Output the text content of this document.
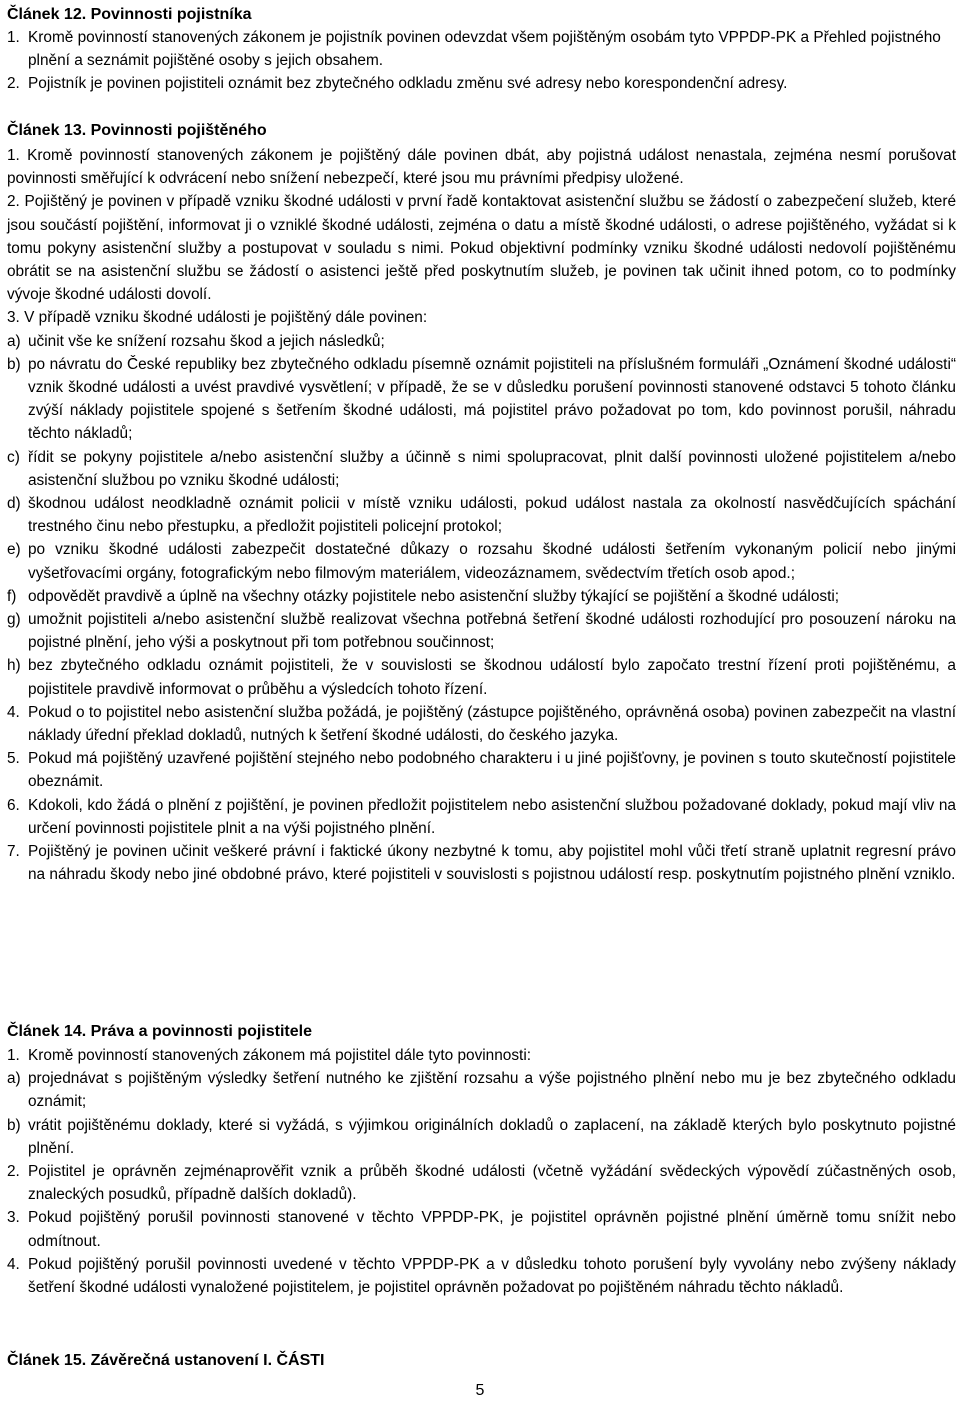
Článek 12. Povinnosti pojistníka

1. Kromě povinností stanovených zákonem je pojistník povinen odevzdat všem pojištěným osobám tyto VPPDP-PK a Přehled pojistného plnění a seznámit pojištěné osoby s jejich obsahem.

2. Pojistník je povinen pojistiteli oznámit bez zbytečného odkladu změnu své adresy nebo korespondenční adresy.

Článek 13. Povinnosti pojištěného

1. Kromě povinností stanovených zákonem je pojištěný dále povinen dbát, aby pojistná událost nenastala, zejména nesmí porušovat povinnosti směřující k odvrácení nebo snížení nebezpečí, které jsou mu právními předpisy uložené.

2. Pojištěný je povinen v případě vzniku škodné události v první řadě kontaktovat asistenční službu se žádostí o zabezpečení služeb, které jsou součástí pojištění, informovat ji o vzniklé škodné události, zejména o datu a místě škodné události, o adrese pojištěného, vyžádat si k tomu pokyny asistenční služby a postupovat v souladu s nimi. Pokud objektivní podmínky vzniku škodné události nedovolí pojištěnému obrátit se na asistenční službu se žádostí o asistenci ještě před poskytnutím služeb, je povinen tak učinit ihned potom, co to podmínky vývoje škodné události dovolí.

3. V případě vzniku škodné události je pojištěný dále povinen:

a) učinit vše ke snížení rozsahu škod a jejich následků;

b) po návratu do České republiky bez zbytečného odkladu písemně oznámit pojistiteli na příslušném formuláři „Oznámení škodné události“ vznik škodné události a uvést pravdivé vysvětlení; v případě, že se v důsledku porušení povinnosti stanovené odstavci 5 tohoto článku zvýší náklady pojistitele spojené s šetřením škodné události, má pojistitel právo požadovat po tom, kdo povinnost porušil, náhradu těchto nákladů;

c) řídit se pokyny pojistitele a/nebo asistenční služby a účinně s nimi spolupracovat, plnit další povinnosti uložené pojistitelem a/nebo asistenční službou po vzniku škodné události;

d) škodnou událost neodkladně oznámit policii v místě vzniku události, pokud událost nastala za okolností nasvědčujících spáchání trestného činu nebo přestupku, a předložit pojistiteli policejní protokol;

e) po vzniku škodné události zabezpečit dostatečné důkazy o rozsahu škodné události šetřením vykonaným policií nebo jinými vyšetřovacími orgány, fotografickým nebo filmovým materiálem, videozáznamem, svědectvím třetích osob apod.;

f) odpovědět pravdivě a úplně na všechny otázky pojistitele nebo asistenční služby týkající se pojištění a škodné události;

g) umožnit pojistiteli a/nebo asistenční službě realizovat všechna potřebná šetření škodné události rozhodující pro posouzení nároku na pojistné plnění, jeho výši a poskytnout při tom potřebnou součinnost;

h) bez zbytečného odkladu oznámit pojistiteli, že v souvislosti se škodnou událostí bylo započato trestní řízení proti pojištěnému, a pojistitele pravdivě informovat o průběhu a výsledcích tohoto řízení.

4. Pokud o to pojistitel nebo asistenční služba požádá, je pojištěný (zástupce pojištěného, oprávněná osoba) povinen zabezpečit na vlastní náklady úřední překlad dokladů, nutných k šetření škodné události, do českého jazyka.

5. Pokud má pojištěný uzavřené pojištění stejného nebo podobného charakteru i u jiné pojišťovny, je povinen s touto skutečností pojistitele obeznámit.

6. Kdokoli, kdo žádá o plnění z pojištění, je povinen předložit pojistitelem nebo asistenční službou požadované doklady, pokud mají vliv na určení povinnosti pojistitele plnit a na výši pojistného plnění.

7. Pojištěný je povinen učinit veškeré právní i faktické úkony nezbytné k tomu, aby pojistitel mohl vůči třetí straně uplatnit regresní právo na náhradu škody nebo jiné obdobné právo, které pojistiteli v souvislosti s pojistnou událostí resp. poskytnutím pojistného plnění vzniklo.

Článek 14. Práva a povinnosti pojistitele

1. Kromě povinností stanovených zákonem má pojistitel dále tyto povinnosti:

a) projednávat s pojištěným výsledky šetření nutného ke zjištění rozsahu a výše pojistného plnění nebo mu je bez zbytečného odkladu oznámit;

b) vrátit pojištěnému doklady, které si vyžádá, s výjimkou originálních dokladů o zaplacení, na základě kterých bylo poskytnuto pojistné plnění.

2. Pojistitel je oprávněn zejménaprověřit vznik a průběh škodné události (včetně vyžádání svědeckých výpovědí zúčastněných osob, znaleckých posudků, případně dalších dokladů).

3. Pokud pojištěný porušil povinnosti stanovené v těchto VPPDP-PK, je pojistitel oprávněn pojistné plnění úměrně tomu snížit nebo odmítnout.

4. Pokud pojištěný porušil povinnosti uvedené v těchto VPPDP-PK a v důsledku tohoto porušení byly vyvolány nebo zvýšeny náklady šetření škodné události vynaložené pojistitelem, je pojistitel oprávněn požadovat po pojištěném náhradu těchto nákladů.

Článek 15. Závěrečná ustanovení I. ČÁSTI
5
